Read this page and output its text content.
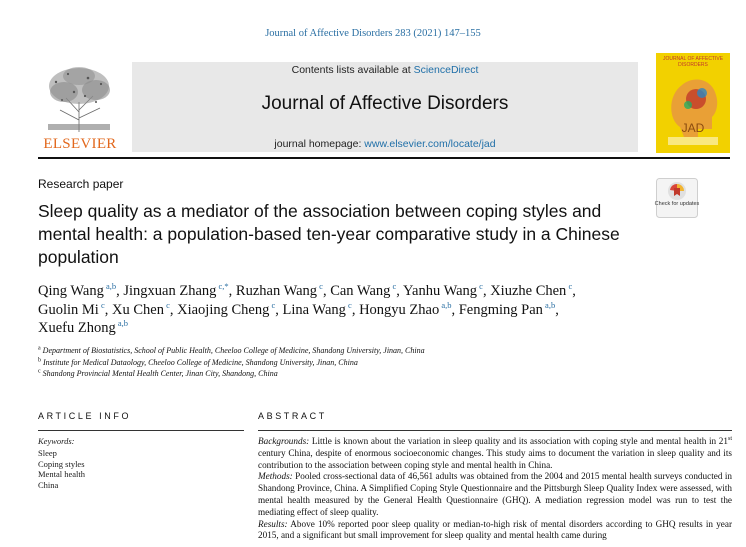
Journal of Affective Disorders 283 (2021) 147–155
ELSEVIER
Contents lists available at ScienceDirect
Journal of Affective Disorders
journal homepage: www.elsevier.com/locate/jad
JOURNAL OF AFFECTIVE DISORDERS
JAD
Research paper
Sleep quality as a mediator of the association between coping styles and mental health: a population-based ten-year comparative study in a Chinese population
Check for updates
Qing Wang $^{a,b}$, Jingxuan Zhang $^{c,*}$, Ruzhan Wang $^c$, Can Wang $^c$, Yanhu Wang $^c$, Xiuzhe Chen $^c$,
Guolin Mi $^c$, Xu Chen $^c$, Xiaojing Cheng $^c$, Lina Wang $^c$, Hongyu Zhao $^{a,b}$, Fengming Pan $^{a,b}$,
Xuefu Zhong $^{a,b}$
$^a$ Department of Biostatistics, School of Public Health, Cheeloo College of Medicine, Shandong University, Jinan, China
$^b$ Institute for Medical Dataology, Cheeloo College of Medicine, Shandong University, Jinan, China
$^c$ Shandong Provincial Mental Health Center, Jinan City, Shandong, China
ARTICLE INFO	ABSTRACT
Keywords:
Sleep
Coping styles
Mental health
China
Backgrounds: Little is known about the variation in sleep quality and its association with coping style and mental health in 21st century China, despite of enormous socioeconomic changes. This study aims to document the variation in sleep quality and its contribution to the association between coping style and mental health in China.
Methods: Pooled cross-sectional data of 46,561 adults was obtained from the 2004 and 2015 mental health surveys conducted in Shandong Province, China. A Simplified Coping Style Questionnaire and the Pittsburgh Sleep Quality Index were assessed, with mental health measured by the General Health Questionnaire (GHQ). A mediation regression model was run to test the mediating effect of sleep quality.
Results: Above 10% reported poor sleep quality or median-to-high risk of mental disorders according to GHQ results in year 2015, and a significant but small improvement for sleep quality and mental health came during
